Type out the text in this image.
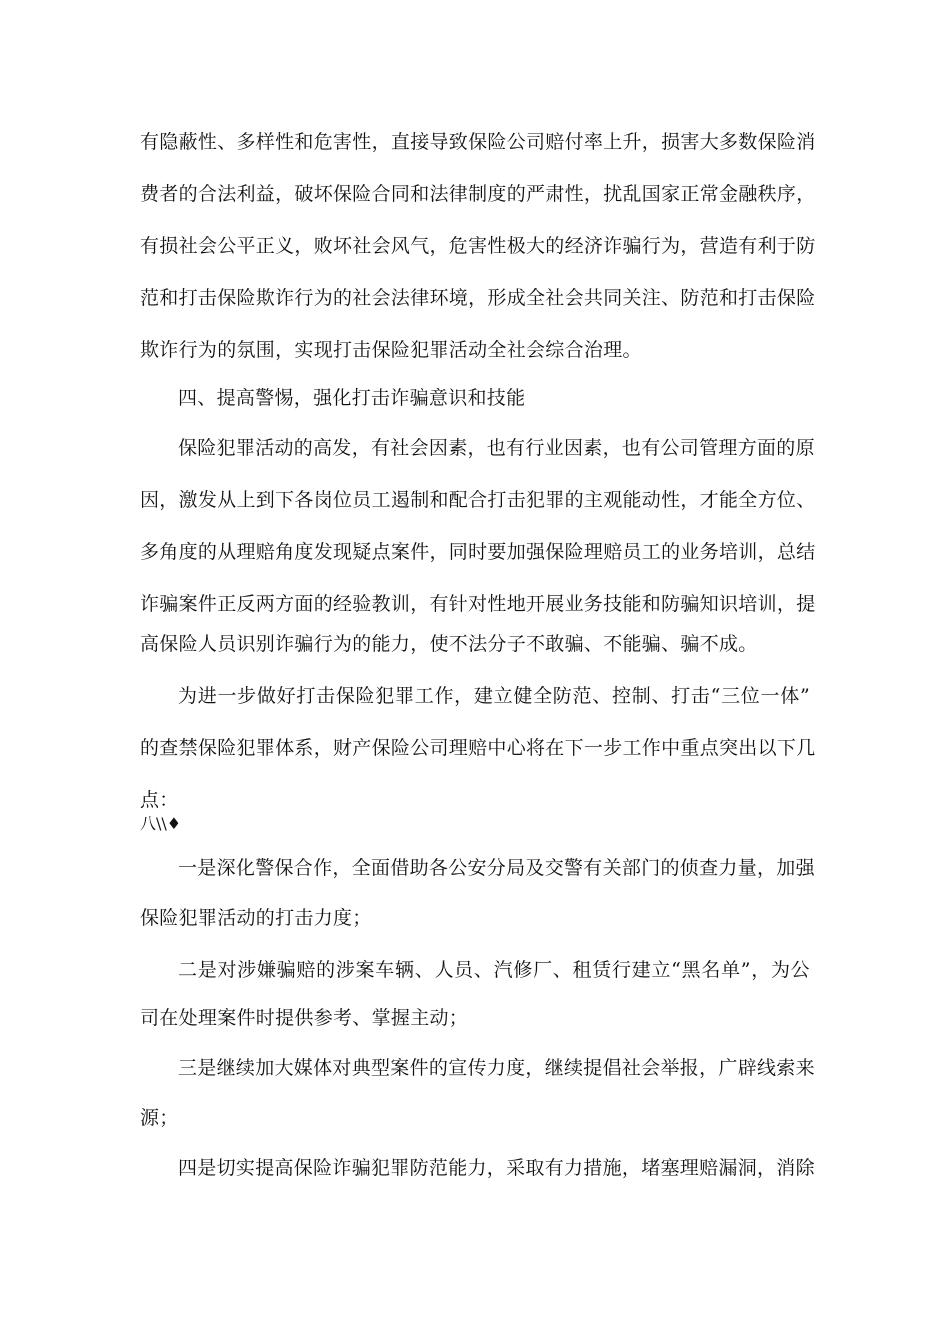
有隐蔽性、多样性和危害性，直接导致保险公司赔付率上升，损害大多数保险消
费者的合法利益，破坏保险合同和法律制度的严肃性，扰乱国家正常金融秩序，
有损社会公平正义，败坏社会风气，危害性极大的经济诈骗行为，营造有利于防
范和打击保险欺诈行为的社会法律环境，形成全社会共同关注、防范和打击保险
欺诈行为的氛围，实现打击保险犯罪活动全社会综合治理。
四、提高警惕，强化打击诈骗意识和技能
保险犯罪活动的高发，有社会因素，也有行业因素，也有公司管理方面的原
因，激发从上到下各岗位员工遏制和配合打击犯罪的主观能动性，才能全方位、
多角度的从理赔角度发现疑点案件，同时要加强保险理赔员工的业务培训，总结
诈骗案件正反两方面的经验教训，有针对性地开展业务技能和防骗知识培训，提
高保险人员识别诈骗行为的能力，使不法分子不敢骗、不能骗、骗不成。
为进一步做好打击保险犯罪工作，建立健全防范、控制、打击“三位一体”
的查禁保险犯罪体系，财产保险公司理赔中心将在下一步工作中重点突出以下几
点：
八\\♦
一是深化警保合作，全面借助各公安分局及交警有关部门的侦查力量，加强
保险犯罪活动的打击力度；
二是对涉嫌骗赔的涉案车辆、人员、汽修厂、租赁行建立“黑名单”，为公
司在处理案件时提供参考、掌握主动；
三是继续加大媒体对典型案件的宣传力度，继续提倡社会举报，广辟线索来
源；
四是切实提高保险诈骗犯罪防范能力，采取有力措施，堵塞理赔漏洞，消除
